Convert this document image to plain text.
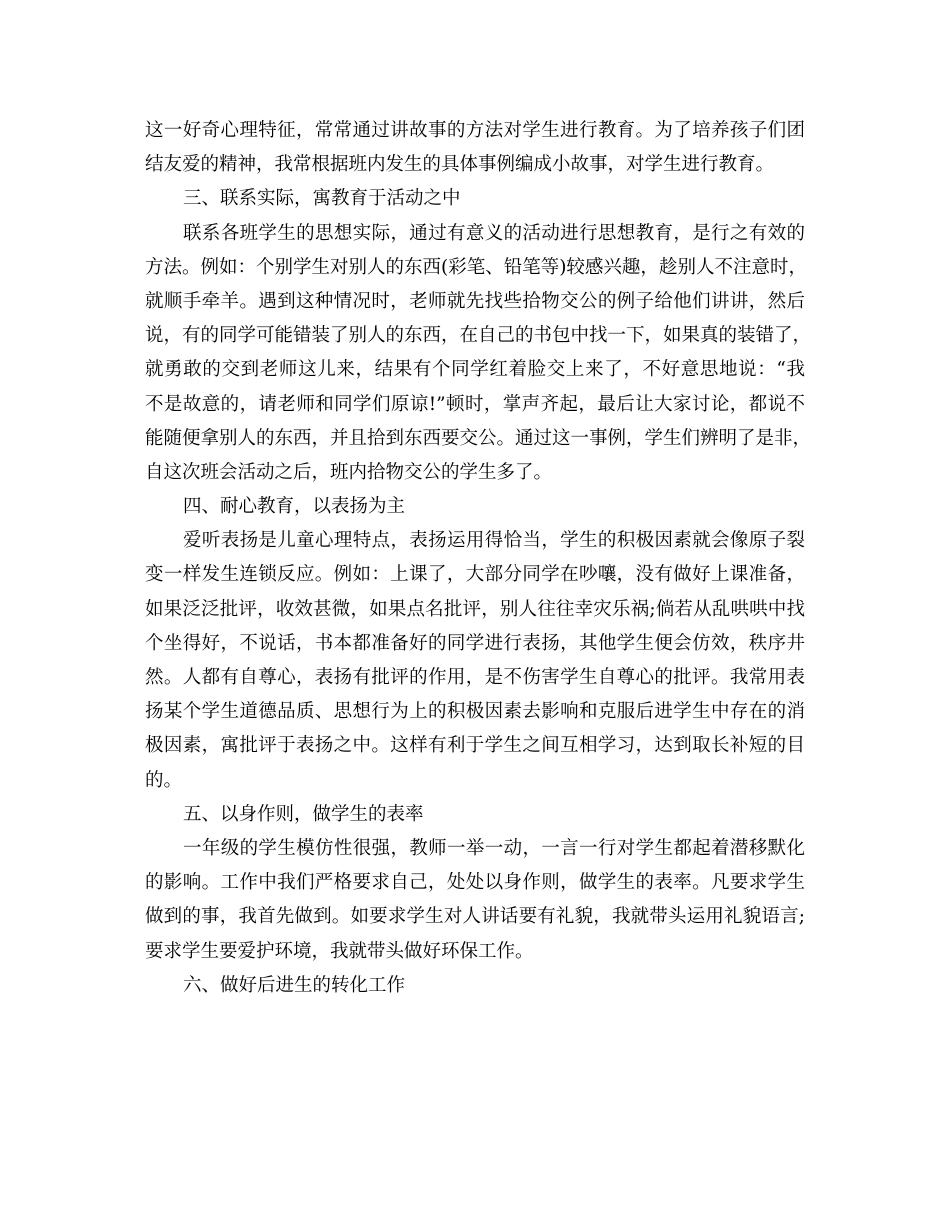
这一好奇心理特征，常常通过讲故事的方法对学生进行教育。为了培养孩子们团
结友爱的精神，我常根据班内发生的具体事例编成小故事，对学生进行教育。
三、联系实际，寓教育于活动之中
联系各班学生的思想实际，通过有意义的活动进行思想教育，是行之有效的
方法。例如：个别学生对别人的东西(彩笔、铅笔等)较感兴趣，趁别人不注意时，
就顺手牵羊。遇到这种情况时，老师就先找些拾物交公的例子给他们讲讲，然后
说，有的同学可能错装了别人的东西，在自己的书包中找一下，如果真的装错了，
就勇敢的交到老师这儿来，结果有个同学红着脸交上来了，不好意思地说：“我
不是故意的，请老师和同学们原谅!”顿时，掌声齐起，最后让大家讨论，都说不
能随便拿别人的东西，并且拾到东西要交公。通过这一事例，学生们辨明了是非，
自这次班会活动之后，班内拾物交公的学生多了。
四、耐心教育，以表扬为主
爱听表扬是儿童心理特点，表扬运用得恰当，学生的积极因素就会像原子裂
变一样发生连锁反应。例如：上课了，大部分同学在吵嚷，没有做好上课准备，
如果泛泛批评，收效甚微，如果点名批评，别人往往幸灾乐祸;倘若从乱哄哄中找
个坐得好，不说话，书本都准备好的同学进行表扬，其他学生便会仿效，秩序井
然。人都有自尊心，表扬有批评的作用，是不伤害学生自尊心的批评。我常用表
扬某个学生道德品质、思想行为上的积极因素去影响和克服后进学生中存在的消
极因素，寓批评于表扬之中。这样有利于学生之间互相学习，达到取长补短的目
的。
五、以身作则，做学生的表率
一年级的学生模仿性很强，教师一举一动，一言一行对学生都起着潜移默化
的影响。工作中我们严格要求自己，处处以身作则，做学生的表率。凡要求学生
做到的事，我首先做到。如要求学生对人讲话要有礼貌，我就带头运用礼貌语言;
要求学生要爱护环境，我就带头做好环保工作。
六、做好后进生的转化工作
